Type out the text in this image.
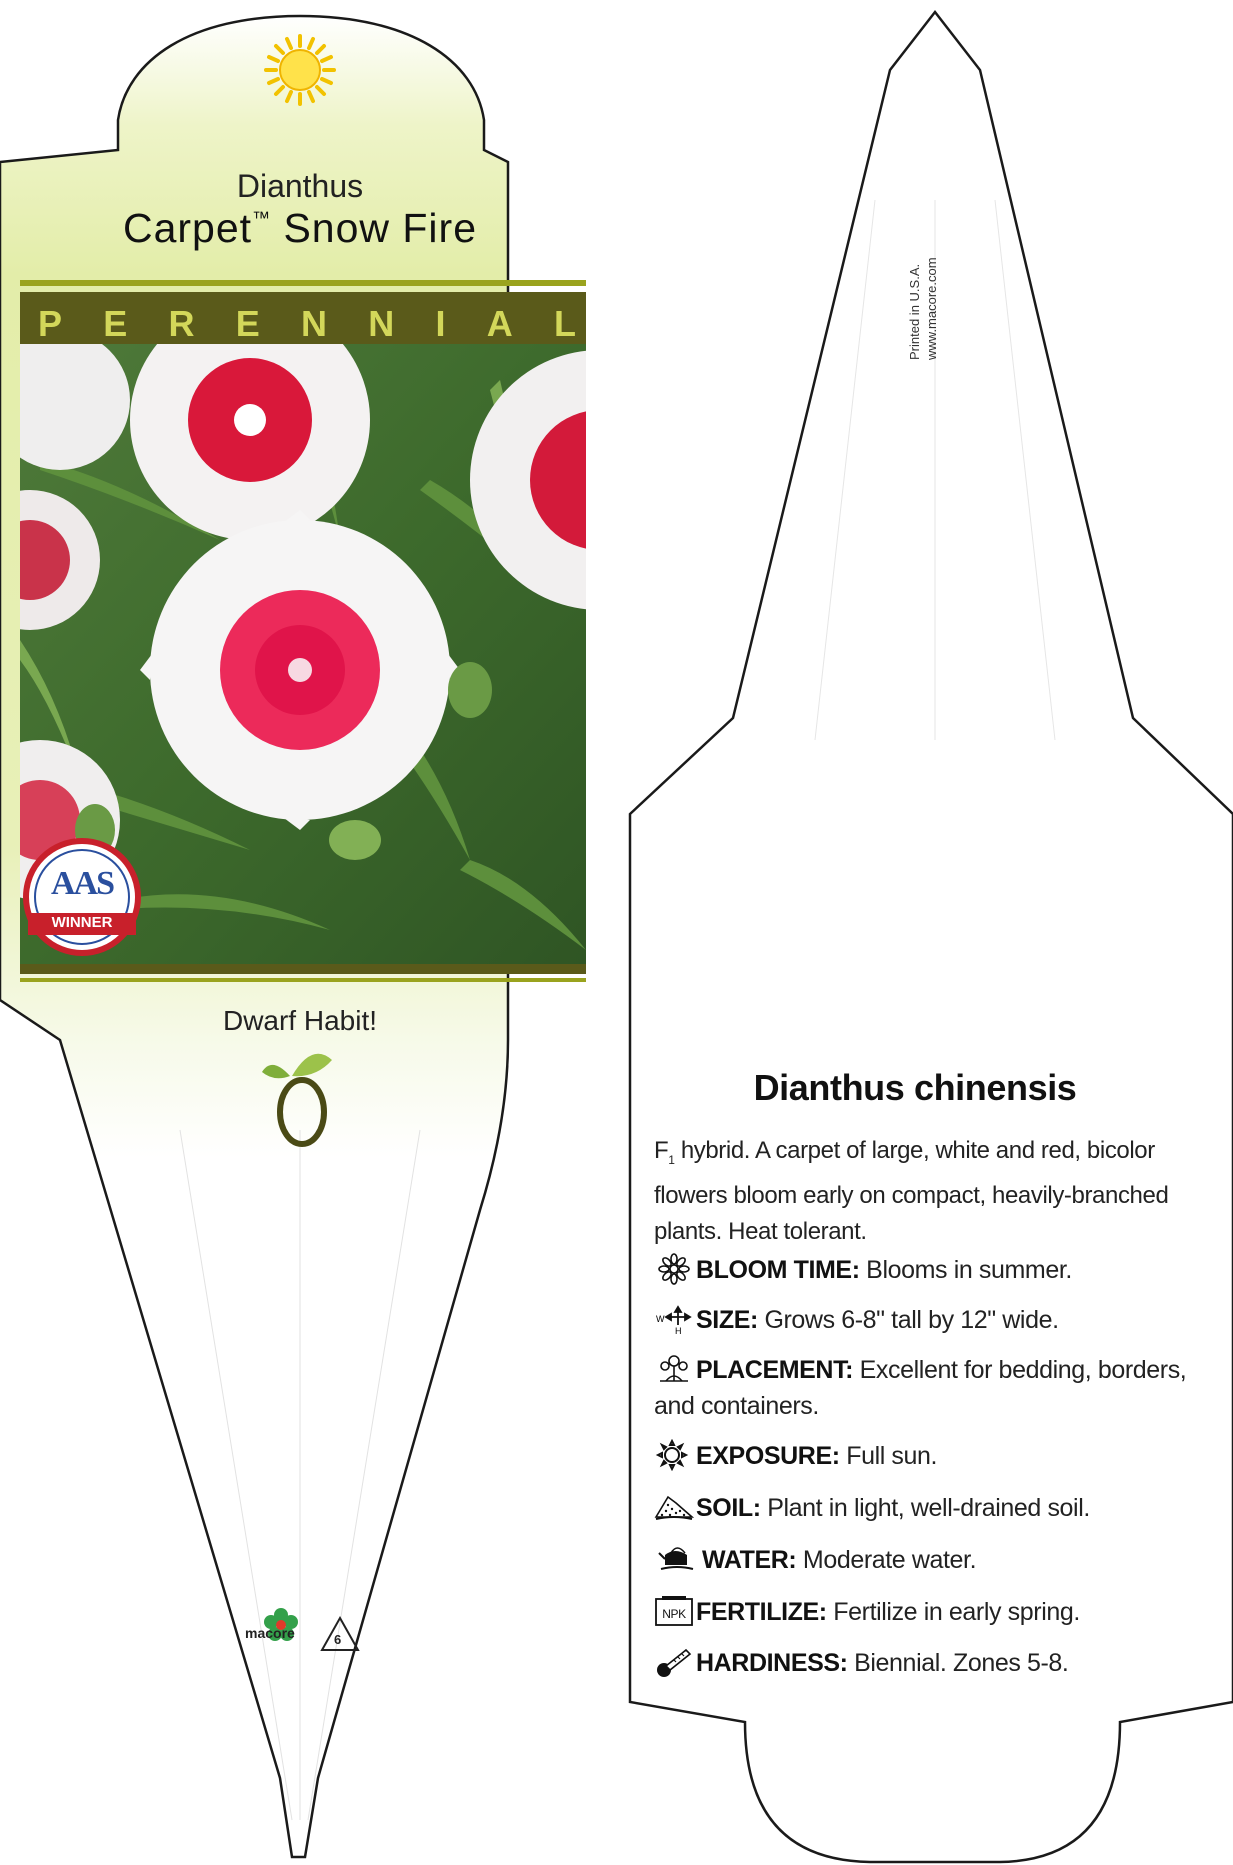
Dianthus
Carpet™ Snow Fire
P E R E N N I A L
AAS
WINNER
Dwarf Habit!
macore	6
Printed in U.S.A. www.macore.com
Dianthus chinensis
$F_1$ hybrid. A carpet of large, white and red, bicolor flowers bloom early on compact, heavily-branched plants. Heat tolerant.
BLOOM TIME: Blooms in summer.
W
H SIZE: Grows 6-8" tall by 12" wide.
PLACEMENT: Excellent for bedding, borders, and containers.
EXPOSURE: Full sun.
SOIL: Plant in light, well-drained soil.
WATER: Moderate water.
NPK FERTILIZE: Fertilize in early spring.
HARDINESS: Biennial. Zones 5-8.
